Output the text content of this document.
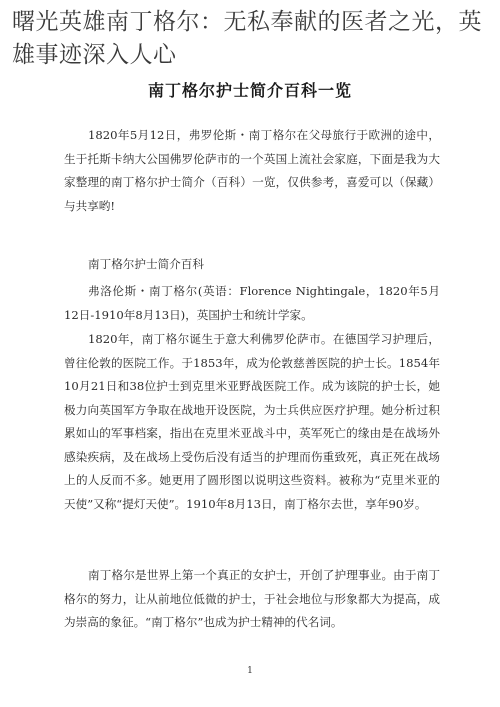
曙光英雄南丁格尔：无私奉献的医者之光，英雄事迹深入人心
南丁格尔护士简介百科一览

1820年5月12日，弗罗伦斯・南丁格尔在父母旅行于欧洲的途中，生于托斯卡纳大公国佛罗伦萨市的一个英国上流社会家庭，下面是我为大家整理的南丁格尔护士简介（百科）一览，仅供参考，喜爱可以（保藏）与共享哟!

南丁格尔护士简介百科

弗洛伦斯・南丁格尔(英语：Florence Nightingale，1820年5月12日-1910年8月13日)，英国护士和统计学家。

1820年，南丁格尔诞生于意大利佛罗伦萨市。在德国学习护理后，曾往伦敦的医院工作。于1853年，成为伦敦慈善医院的护士长。1854年10月21日和38位护士到克里米亚野战医院工作。成为该院的护士长，她极力向英国军方争取在战地开设医院，为士兵供应医疗护理。她分析过积累如山的军事档案，指出在克里米亚战斗中，英军死亡的缘由是在战场外感染疾病，及在战场上受伤后没有适当的护理而伤重致死，真正死在战场上的人反而不多。她更用了圆形图以说明这些资料。被称为“克里米亚的天使”又称“提灯天使”。1910年8月13日，南丁格尔去世，享年90岁。

南丁格尔是世界上第一个真正的女护士，开创了护理事业。由于南丁格尔的努力，让从前地位低微的护士，于社会地位与形象都大为提高，成为崇高的象征。“南丁格尔”也成为护士精神的代名词。

1
